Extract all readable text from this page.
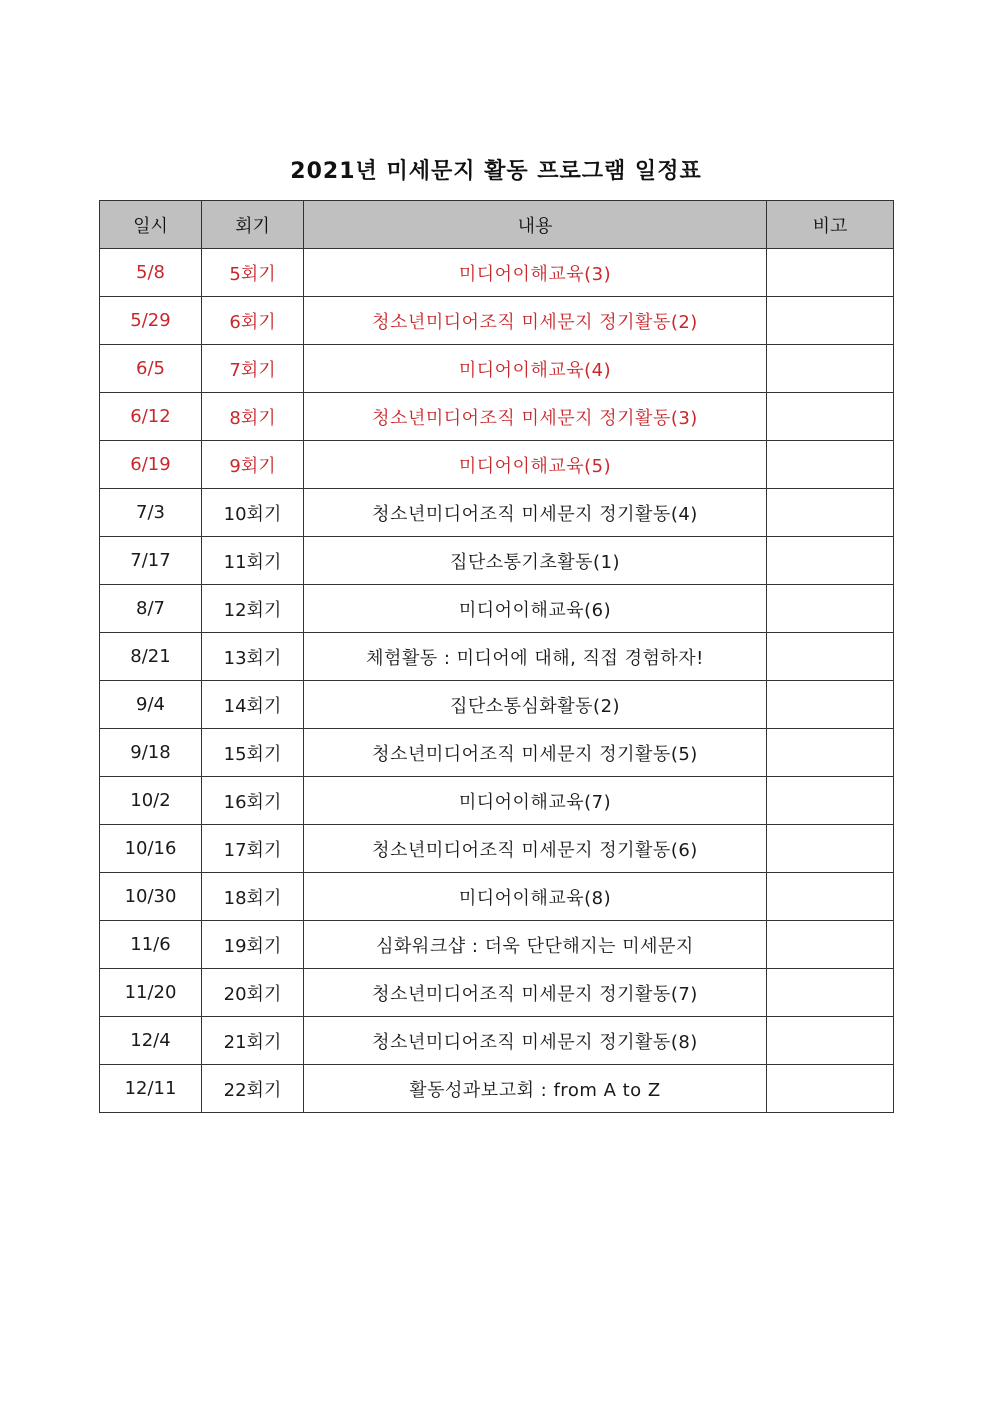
2021년 미세문지 활동 프로그램 일정표
일시	회기	내용	비고
5/8	5회기	미디어이해교육(3)	
5/29	6회기	청소년미디어조직 미세문지 정기활동(2)	
6/5	7회기	미디어이해교육(4)	
6/12	8회기	청소년미디어조직 미세문지 정기활동(3)	
6/19	9회기	미디어이해교육(5)	
7/3	10회기	청소년미디어조직 미세문지 정기활동(4)	
7/17	11회기	집단소통기초활동(1)	
8/7	12회기	미디어이해교육(6)	
8/21	13회기	체험활동 : 미디어에 대해, 직접 경험하자!	
9/4	14회기	집단소통심화활동(2)	
9/18	15회기	청소년미디어조직 미세문지 정기활동(5)	
10/2	16회기	미디어이해교육(7)	
10/16	17회기	청소년미디어조직 미세문지 정기활동(6)	
10/30	18회기	미디어이해교육(8)	
11/6	19회기	심화워크샵 : 더욱 단단해지는 미세문지	
11/20	20회기	청소년미디어조직 미세문지 정기활동(7)	
12/4	21회기	청소년미디어조직 미세문지 정기활동(8)	
12/11	22회기	활동성과보고회 : from A to Z	
